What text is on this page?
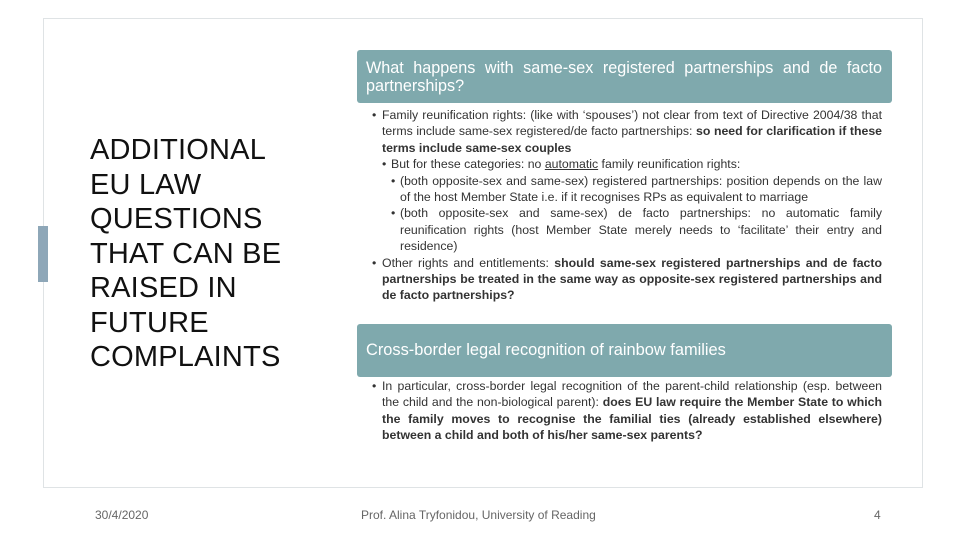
ADDITIONAL
EU LAW
QUESTIONS
THAT CAN BE
RAISED IN
FUTURE
COMPLAINTS
What happens with same-sex registered partnerships and de facto partnerships?

• Family reunification rights: (like with ‘spouses’) not clear from text of Directive 2004/38 that terms include same-sex registered/de facto partnerships: so need for clarification if these terms include same-sex couples

• But for these categories: no automatic family reunification rights:

• (both opposite-sex and same-sex) registered partnerships: position depends on the law of the host Member State i.e. if it recognises RPs as equivalent to marriage

• (both opposite-sex and same-sex) de facto partnerships: no automatic family reunification rights (host Member State merely needs to ‘facilitate’ their entry and residence)

• Other rights and entitlements: should same-sex registered partnerships and de facto partnerships be treated in the same way as opposite-sex registered partnerships and de facto partnerships?

Cross-border legal recognition of rainbow families

• In particular, cross-border legal recognition of the parent-child relationship (esp. between the child and the non-biological parent): does EU law require the Member State to which the family moves to recognise the familial ties (already established elsewhere) between a child and both of his/her same-sex parents?

30/4/2020	Prof. Alina Tryfonidou, University of Reading	4
